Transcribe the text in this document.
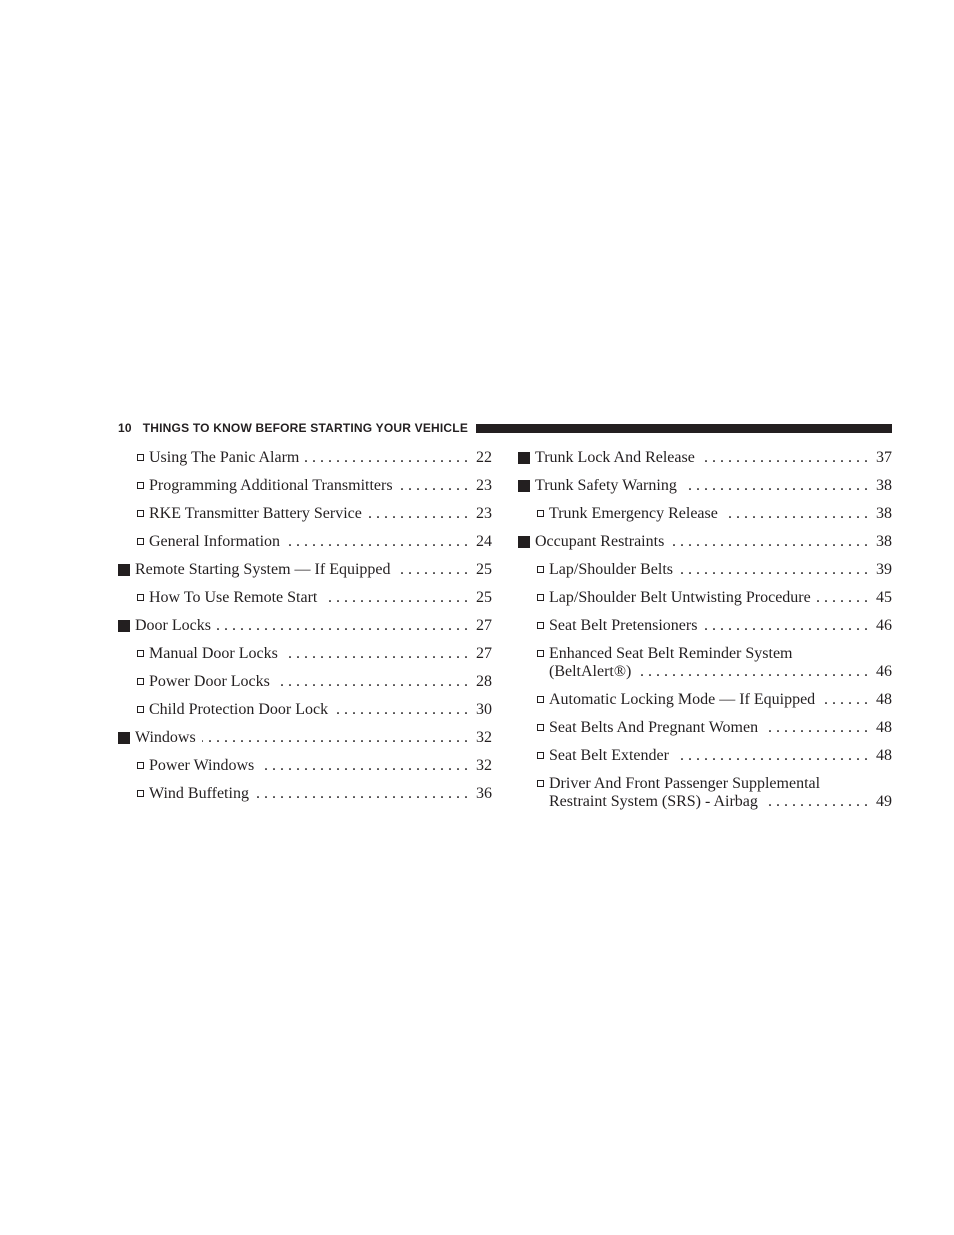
10 THINGS TO KNOW BEFORE STARTING YOUR VEHICLE
Using The Panic Alarm . . .	22
Programming Additional Transmitters . . .	23
RKE Transmitter Battery Service . . .	23
General Information . . .	24
Remote Starting System — If Equipped . . .	25
How To Use Remote Start . . .	25
Door Locks . . .	27
Manual Door Locks . . .	27
Power Door Locks . . .	28
Child Protection Door Lock . . .	30
Windows . . .	32
Power Windows . . .	32
Wind Buffeting . . .	36
Trunk Lock And Release . . .	37
Trunk Safety Warning . . .	38
Trunk Emergency Release . . .	38
Occupant Restraints . . .	38
Lap/Shoulder Belts . . .	39
Lap/Shoulder Belt Untwisting Procedure . . .	45
Seat Belt Pretensioners . . .	46
Enhanced Seat Belt Reminder System
(BeltAlert®) . . .	46
Automatic Locking Mode — If Equipped . . .	48
Seat Belts And Pregnant Women . . .	48
Seat Belt Extender . . .	48
Driver And Front Passenger Supplemental
Restraint System (SRS) - Airbag . . .	49
